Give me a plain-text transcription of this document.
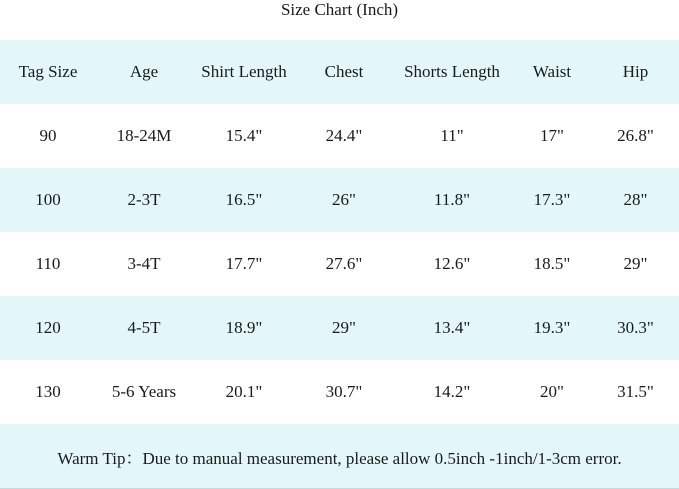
Size Chart (Inch)
Tag Size	Age	Shirt Length	Chest	Shorts Length	Waist	Hip
90	18-24M	15.4"	24.4"	11"	17"	26.8"
100	2-3T	16.5"	26"	11.8"	17.3"	28"
110	3-4T	17.7"	27.6"	12.6"	18.5"	29"
120	4-5T	18.9"	29"	13.4"	19.3"	30.3"
130	5-6 Years	20.1"	30.7"	14.2"	20"	31.5"
Warm Tip：Due to manual measurement, please allow 0.5inch -1inch/1-3cm error.
